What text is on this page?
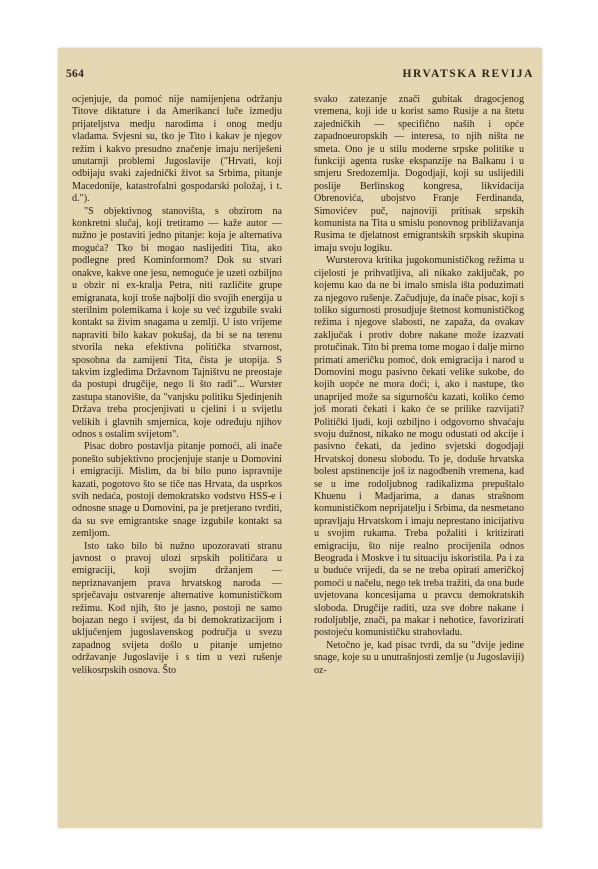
564	HRVATSKA REVIJA

ocjenjuje, da pomoć nije namijenjena održanju Titove diktature i da Amerikanci luče izmedju prijateljstva medju narodima i onog medju vladama. Svjesni su, tko je Tito i kakav je njegov režim i kakvo presudno značenje imaju neriješeni unutarnji problemi Jugoslavije ("Hrvati, koji odbijaju svaki zajednički život sa Srbima, pitanje Macedonije, katastrofalni gospodarski položaj, i t. d.").

"S objektivnog stanovišta, s obzirom na konkretni slučaj, koji tretiramo — kaže autor — nužno je postaviti jedno pitanje: koja je alternativa moguća? Tko bi mogao naslijediti Tita, ako podlegne pred Kominformom? Dok su stvari onakve, kakve one jesu, nemoguće je uzeti ozbiljno u obzir ni ex-kralja Petra, niti različite grupe emigranata, koji troše najbolji dio svojih energija u sterilnim polemikama i koje su već izgubile svaki kontakt sa živim snagama u zemlji. U isto vrijeme napraviti bilo kakav pokušaj, da bi se na terenu stvorila neka efektivna politička stvarnost, sposobna da zamijeni Tita, čista je utopija. S takvim izgledima Državnom Tajništvu ne preostaje da postupi drugčije, nego li što radi"... Wurster zastupa stanovište, da "vanjsku politiku Sjedinjenih Država treba procjenjivati u cjelini i u svijetlu velikih i glavnih smjernica, koje određuju njihov odnos s ostalim svijetom".

Pisac dobro postavlja pitanje pomoći, ali inače ponešto subjektivno procjenjuje stanje u Domovini i emigraciji. Mislim, da bi bilo puno ispravnije kazati, pogotovo što se tiče nas Hrvata, da usprkos svih nedaća, postoji demokratsko vodstvo HSS-e i odnosne snage u Domovini, pa je pretjerano tvrditi, da su sve emigrantske snage izgubile kontakt sa zemljom.

Isto tako bilo bi nužno upozoravati stranu javnost o pravoj ulozi srpskih političara u emigraciji, koji svojim držanjem — nepriznavanjem prava hrvatskog naroda — sprječavaju ostvarenje alternative komunističkom režimu. Kod njih, što je jasno, postoji ne samo bojazan nego i svijest, da bi demokratizacijom i uključenjem jugoslavenskog područja u svezu zapadnog svijeta došlo u pitanje umjetno održavanje Jugoslavije i s tim u vezi rušenje velikosrpskih osnova. Što

svako zatezanje znači gubitak dragocjenog vremena, koji ide u korist samo Rusije a na štetu zajedničkih — specifično naših i opće zapadnoeuropskih — interesa, to njih ništa ne smeta. Ono je u stilu moderne srpske politike u funkciji agenta ruske ekspanzije na Balkanu i u smjeru Sredozemlja. Dogodjaji, koji su uslijedili poslije Berlinskog kongresa, likvidacija Obrenovića, ubojstvo Franje Ferdinanda, Simovićev puč, najnoviji pritisak srpskih komunista na Tita u smislu ponovnog približavanja Rusima te djelatnost emigrantskih srpskih skupina imaju svoju logiku.

Wursterova kritika jugokomunističkog režima u cijelosti je prihvatljiva, ali nikako zaključak, po kojemu kao da ne bi imalo smisla išta poduzimati za njegovo rušenje. Začudjuje, da inače pisac, koji s toliko sigurnosti prosudjuje štetnost komunističkog režima i njegove slabosti, ne zapaža, da ovakav zaključak i protiv dobre nakane može izazvati protučinak. Tito bi prema tome mogao i dalje mirno primati američku pomoć, dok emigracija i narod u Domovini mogu pasivno čekati velike sukobe, do kojih uopće ne mora doći; i, ako i nastupe, tko unaprijed može sa sigurnošću kazati, koliko ćemo još morati čekati i kako će se prilike razvijati? Politički ljudi, koji ozbiljno i odgovorno shvaćaju svoju dužnost, nikako ne mogu odustati od akcije i pasivno čekati, da jedino svjetski dogodjaji Hrvatskoj donesu slobodu. To je, doduše hrvatska bolest apstinencije još iz nagodbenih vremena, kad se u ime rodoljubnog radikalizma prepuštalo Khuenu i Madjarima, a danas strašnom komunističkom neprijatelju i Srbima, da nesmetano upravljaju Hrvatskom i imaju neprestano inicijativu u svojim rukama. Treba požaliti i kritizirati emigraciju, što nije realno procijenila odnos Beograda i Moskve i tu situaciju iskoristila. Pa i za u buduće vrijedi, da se ne treba opirati američkoj pomoći u načelu, nego tek treba tražiti, da ona bude uvjetovana koncesijama u pravcu demokratskih sloboda. Drugčije raditi, uza sve dobre nakane i rodoljublje, znači, pa makar i nehotice, favorizirati postojeću komunističku strahovladu.

Netočno je, kad pisac tvrdi, da su "dvije jedine snage, koje su u unutrašnjosti zemlje (u Jugoslaviji) oz-
